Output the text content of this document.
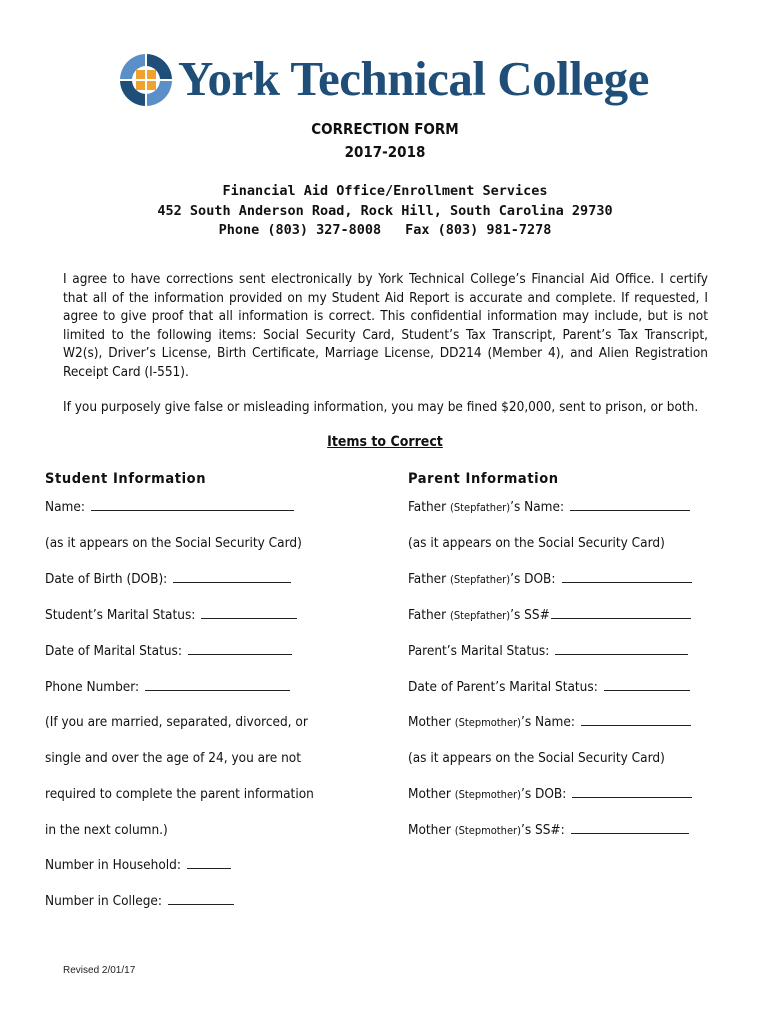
York Technical College
CORRECTION FORM
2017-2018
Financial Aid Office/Enrollment Services
452 South Anderson Road, Rock Hill, South Carolina 29730
Phone (803) 327-8008 Fax (803) 981-7278
I agree to have corrections sent electronically by York Technical College’s Financial Aid Office. I certify that all of the information provided on my Student Aid Report is accurate and complete. If requested, I agree to give proof that all information is correct. This confidential information may include, but is not limited to the following items: Social Security Card, Student’s Tax Transcript, Parent’s Tax Transcript, W2(s), Driver’s License, Birth Certificate, Marriage License, DD214 (Member 4), and Alien Registration Receipt Card (I-551).
If you purposely give false or misleading information, you may be fined $20,000, sent to prison, or both.
Items to Correct
Student Information	Parent Information
Name:
(as it appears on the Social Security Card)
Date of Birth (DOB):
Student’s Marital Status:
Date of Marital Status:
Phone Number:
(If you are married, separated, divorced, or
single and over the age of 24, you are not
required to complete the parent information
in the next column.)
Number in Household:
Number in College:
Father (Stepfather)’s Name:
(as it appears on the Social Security Card)
Father (Stepfather)’s DOB:
Father (Stepfather)’s SS#
Parent’s Marital Status:
Date of Parent’s Marital Status:
Mother (Stepmother)’s Name:
(as it appears on the Social Security Card)
Mother (Stepmother)’s DOB:
Mother (Stepmother)’s SS#:
Revised 2/01/17
